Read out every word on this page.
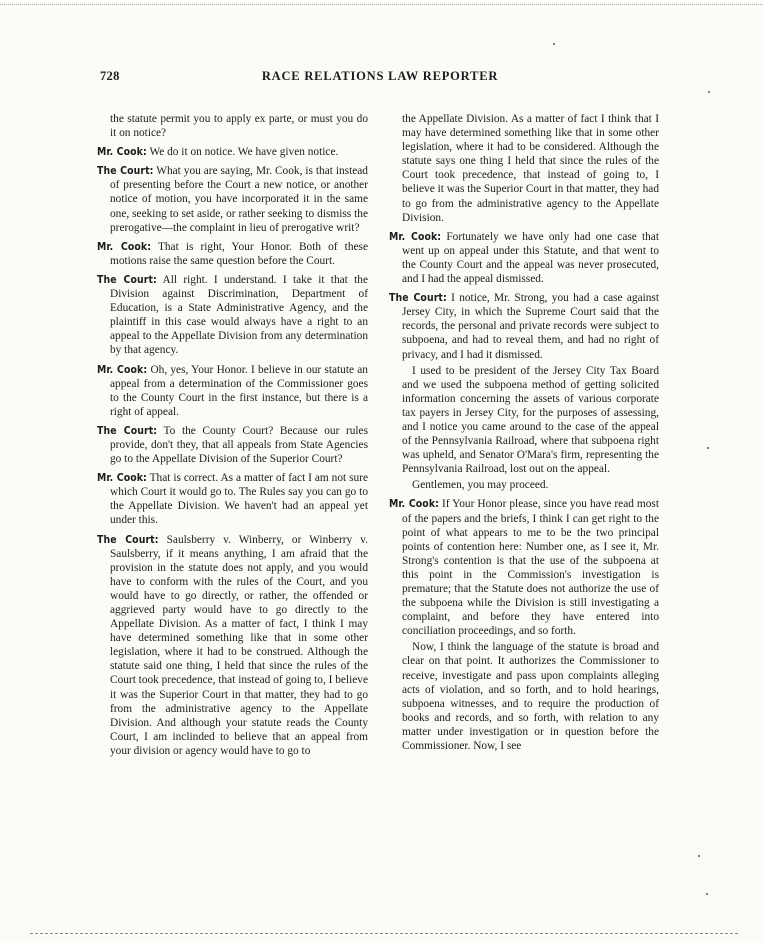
728	RACE RELATIONS LAW REPORTER

the statute permit you to apply ex parte, or must you do it on notice?

Mr. Cook: We do it on notice. We have given notice.

The Court: What you are saying, Mr. Cook, is that instead of presenting before the Court a new notice, or another notice of motion, you have incorporated it in the same one, seeking to set aside, or rather seeking to dismiss the prerogative—the complaint in lieu of prerogative writ?

Mr. Cook: That is right, Your Honor. Both of these motions raise the same question before the Court.

The Court: All right. I understand. I take it that the Division against Discrimination, Department of Education, is a State Administrative Agency, and the plaintiff in this case would always have a right to an appeal to the Appellate Division from any determination by that agency.

Mr. Cook: Oh, yes, Your Honor. I believe in our statute an appeal from a determination of the Commissioner goes to the County Court in the first instance, but there is a right of appeal.

The Court: To the County Court? Because our rules provide, don't they, that all appeals from State Agencies go to the Appellate Division of the Superior Court?

Mr. Cook: That is correct. As a matter of fact I am not sure which Court it would go to. The Rules say you can go to the Appellate Division. We haven't had an appeal yet under this.

The Court: Saulsberry v. Winberry, or Winberry v. Saulsberry, if it means anything, I am afraid that the provision in the statute does not apply, and you would have to conform with the rules of the Court, and you would have to go directly, or rather, the offended or aggrieved party would have to go directly to the Appellate Division. As a matter of fact, I think I may have determined something like that in some other legislation, where it had to be construed. Although the statute said one thing, I held that since the rules of the Court took precedence, that instead of going to, I believe it was the Superior Court in that matter, they had to go from the administrative agency to the Appellate Division. And although your statute reads the County Court, I am inclinded to believe that an appeal from your division or agency would have to go to

the Appellate Division. As a matter of fact I think that I may have determined something like that in some other legislation, where it had to be considered. Although the statute says one thing I held that since the rules of the Court took precedence, that instead of going to, I believe it was the Superior Court in that matter, they had to go from the administrative agency to the Appellate Division.

Mr. Cook: Fortunately we have only had one case that went up on appeal under this Statute, and that went to the County Court and the appeal was never prosecuted, and I had the appeal dismissed.

The Court: I notice, Mr. Strong, you had a case against Jersey City, in which the Supreme Court said that the records, the personal and private records were subject to subpoena, and had to reveal them, and had no right of privacy, and I had it dismissed.

I used to be president of the Jersey City Tax Board and we used the subpoena method of getting solicited information concerning the assets of various corporate tax payers in Jersey City, for the purposes of assessing, and I notice you came around to the case of the appeal of the Pennsylvania Railroad, where that subpoena right was upheld, and Senator O'Mara's firm, representing the Pennsylvania Railroad, lost out on the appeal.

Gentlemen, you may proceed.

Mr. Cook: If Your Honor please, since you have read most of the papers and the briefs, I think I can get right to the point of what appears to me to be the two principal points of contention here: Number one, as I see it, Mr. Strong's contention is that the use of the subpoena at this point in the Commission's investigation is premature; that the Statute does not authorize the use of the subpoena while the Division is still investigating a complaint, and before they have entered into conciliation proceedings, and so forth.

Now, I think the language of the statute is broad and clear on that point. It authorizes the Commissioner to receive, investigate and pass upon complaints alleging acts of violation, and so forth, and to hold hearings, subpoena witnesses, and to require the production of books and records, and so forth, with relation to any matter under investigation or in question before the Commissioner. Now, I see
